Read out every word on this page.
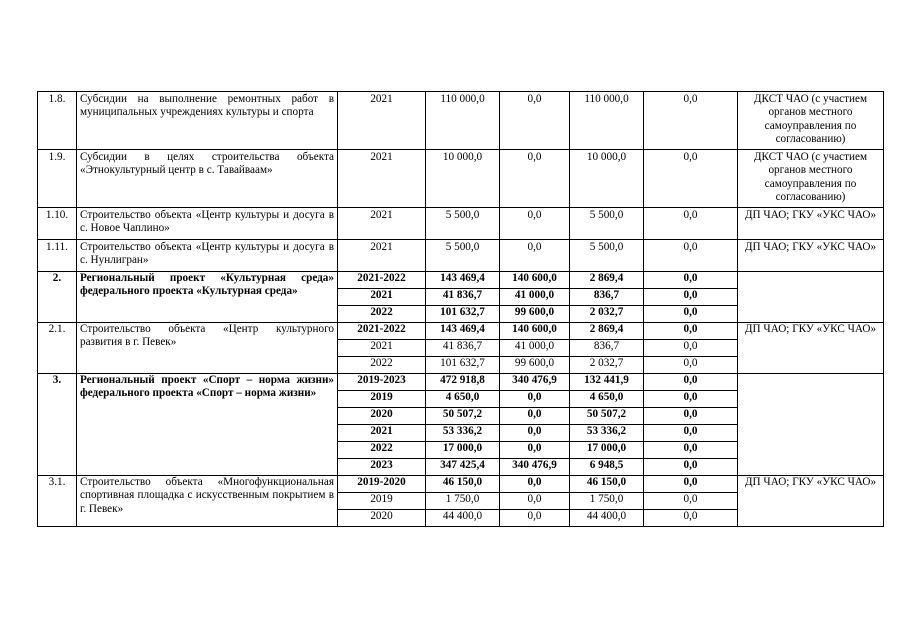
1.8.	Субсидии на выполнение ремонтных работ в муниципальных учреждениях культуры и спорта	2021	110 000,0	0,0	110 000,0	0,0	ДКСТ ЧАО (с участием органов местного самоуправления по согласованию)
1.9.	Субсидии в целях строительства объекта «Этнокультурный центр в с. Тавайваам»	2021	10 000,0	0,0	10 000,0	0,0	ДКСТ ЧАО (с участием органов местного самоуправления по согласованию)
1.10.	Строительство объекта «Центр культуры и досуга в с. Новое Чаплино»	2021	5 500,0	0,0	5 500,0	0,0	ДП ЧАО; ГКУ «УКС ЧАО»
1.11.	Строительство объекта «Центр культуры и досуга в с. Нунлигран»	2021	5 500,0	0,0	5 500,0	0,0	ДП ЧАО; ГКУ «УКС ЧАО»
2.	Региональный проект «Культурная среда» федерального проекта «Культурная среда»	2021-2022	143 469,4	140 600,0	2 869,4	0,0	
		2021	41 836,7	41 000,0	836,7	0,0	
		2022	101 632,7	99 600,0	2 032,7	0,0	
2.1.	Строительство объекта «Центр культурного развития в г. Певек»	2021-2022	143 469,4	140 600,0	2 869,4	0,0	ДП ЧАО; ГКУ «УКС ЧАО»
		2021	41 836,7	41 000,0	836,7	0,0	
		2022	101 632,7	99 600,0	2 032,7	0,0	
3.	Региональный проект «Спорт – норма жизни» федерального проекта «Спорт – норма жизни»	2019-2023	472 918,8	340 476,9	132 441,9	0,0	
		2019	4 650,0	0,0	4 650,0	0,0	
		2020	50 507,2	0,0	50 507,2	0,0	
		2021	53 336,2	0,0	53 336,2	0,0	
		2022	17 000,0	0,0	17 000,0	0,0	
		2023	347 425,4	340 476,9	6 948,5	0,0	
3.1.	Строительство объекта «Многофункциональная спортивная площадка с искусственным покрытием в г. Певек»	2019-2020	46 150,0	0,0	46 150,0	0,0	ДП ЧАО; ГКУ «УКС ЧАО»
		2019	1 750,0	0,0	1 750,0	0,0	
		2020	44 400,0	0,0	44 400,0	0,0	
